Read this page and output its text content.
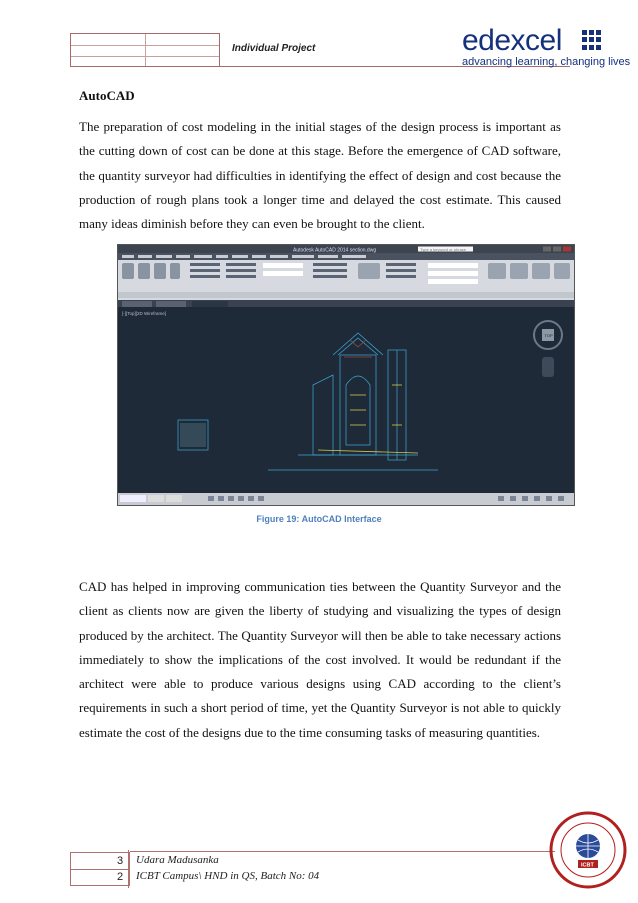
Individual Project	edexcel
advancing learning, changing lives
AutoCAD
The preparation of cost modeling in the initial stages of the design process is important as the cutting down of cost can be done at this stage. Before the emergence of CAD software, the quantity surveyor had difficulties in identifying the effect of design and cost because the production of rough plans took a longer time and delayed the cost estimate. This caused many ideas diminish before they can even be brought to the client.
Autodesk AutoCAD 2014 section.dwg	Type a keyword or phrase
[-][Top][2D Wireframe]
TOP
Figure 19: AutoCAD Interface
CAD has helped in improving communication ties between the Quantity Surveyor and the client as clients now are given the liberty of studying and visualizing the types of design produced by the architect. The Quantity Surveyor will then be able to take necessary actions immediately to show the implications of the cost involved. It would be redundant if the architect were able to produce various designs using CAD according to the client’s requirements in such a short period of time, yet the Quantity Surveyor is not able to quickly estimate the cost of the designs due to the time consuming tasks of measuring quantities.
3
2
Udara Madusanka
ICBT Campus\ HND in QS, Batch No: 04
ICBT
